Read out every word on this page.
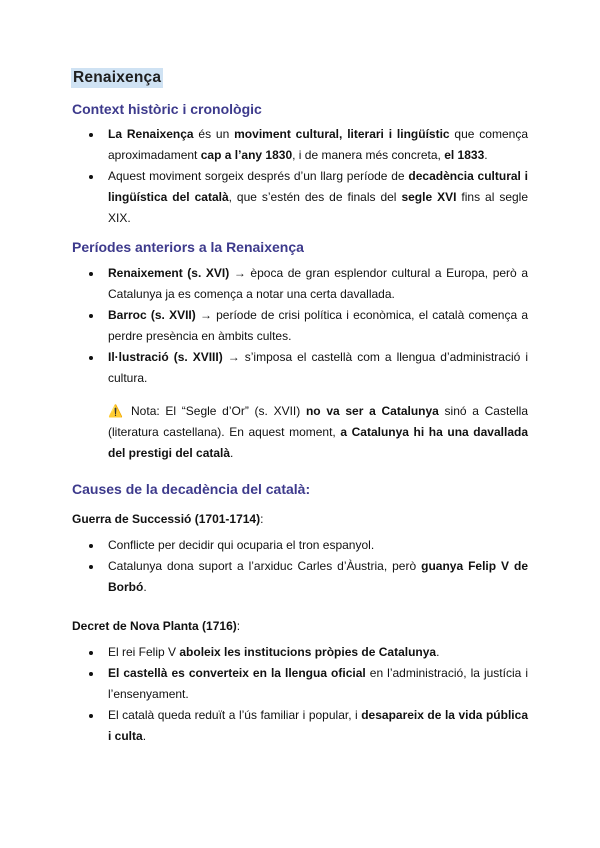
Renaixença
Context històric i cronològic
La Renaixença és un moviment cultural, literari i lingüístic que comença aproximadament cap a l’any 1830, i de manera més concreta, el 1833.
Aquest moviment sorgeix després d’un llarg període de decadència cultural i lingüística del català, que s’estén des de finals del segle XVI fins al segle XIX.
Períodes anteriors a la Renaixença
Renaixement (s. XVI) → època de gran esplendor cultural a Europa, però a Catalunya ja es comença a notar una certa davallada.
Barroc (s. XVII) → període de crisi política i econòmica, el català comença a perdre presència en àmbits cultes.
Il·lustració (s. XVIII) → s’imposa el castellà com a llengua d’administració i cultura.
⚠️ Nota: El “Segle d’Or” (s. XVII) no va ser a Catalunya sinó a Castella (literatura castellana). En aquest moment, a Catalunya hi ha una davallada del prestigi del català.
Causes de la decadència del català:

Guerra de Successió (1701-1714):

Conflicte per decidir qui ocuparia el tron espanyol.
Catalunya dona suport a l’arxiduc Carles d’Àustria, però guanya Felip V de Borbó.

Decret de Nova Planta (1716):

El rei Felip V aboleix les institucions pròpies de Catalunya.
El castellà es converteix en la llengua oficial en l’administració, la justícia i l’ensenyament.
El català queda reduït a l’ús familiar i popular, i desapareix de la vida pública i culta.
